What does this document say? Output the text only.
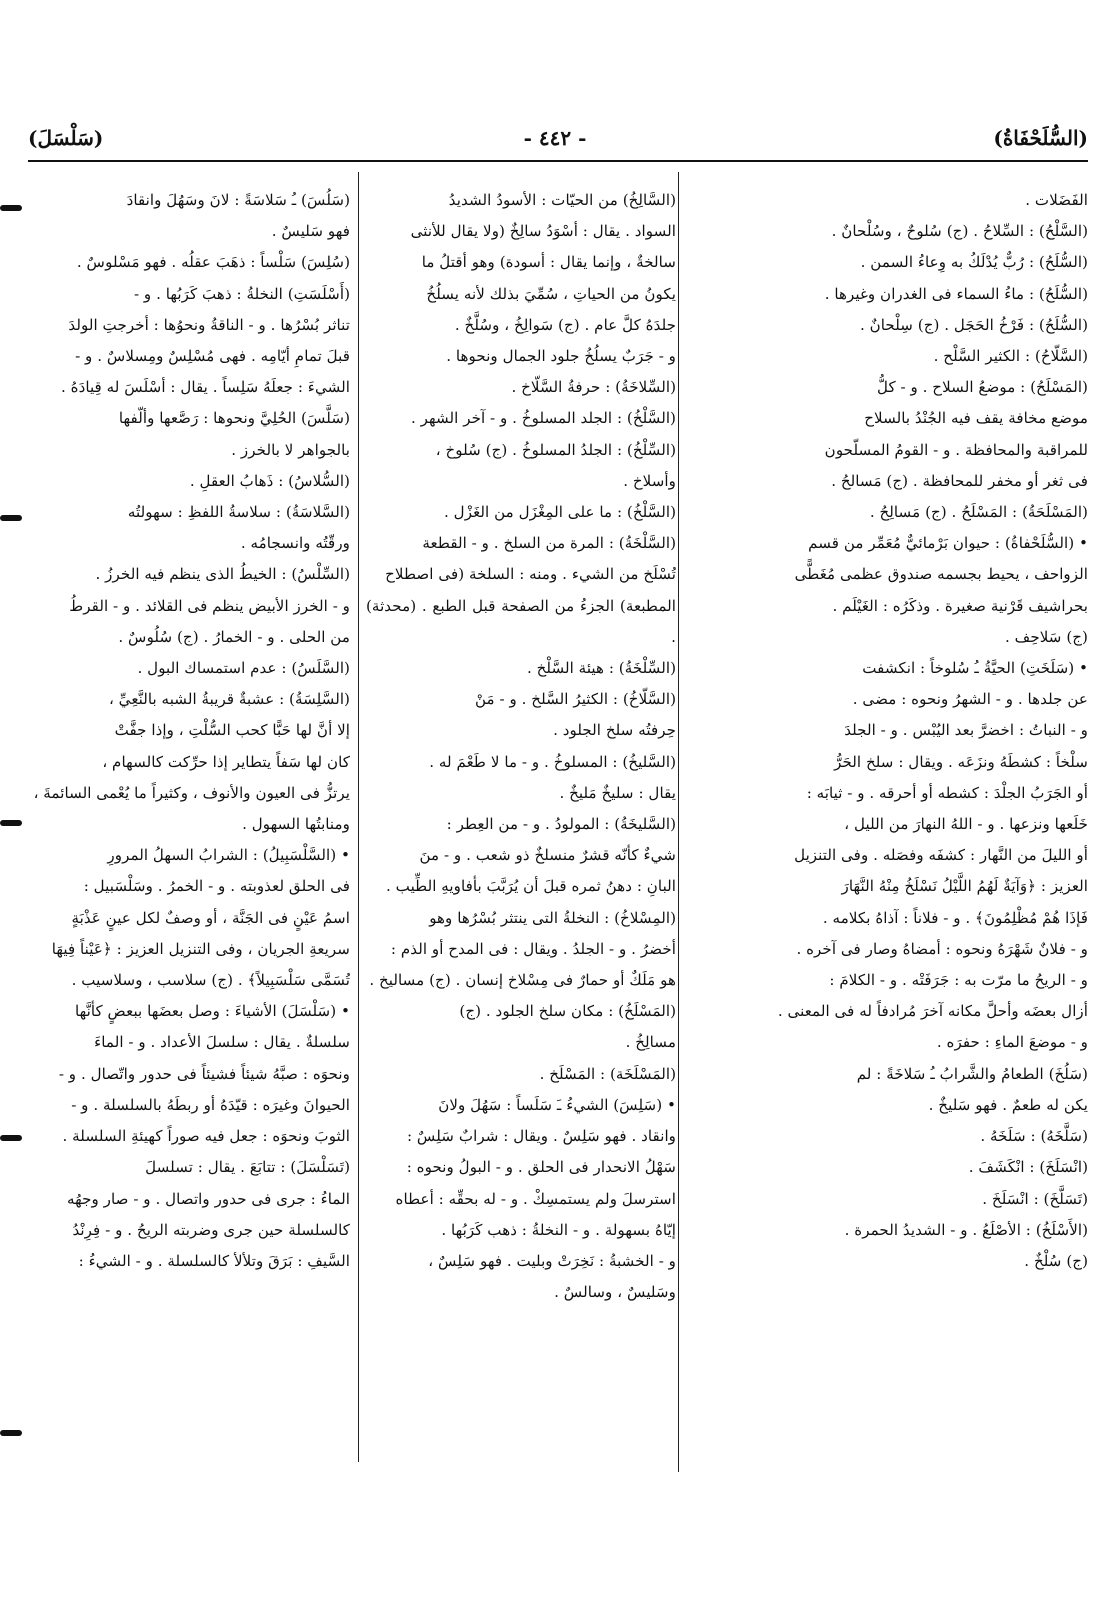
(السُّلَحْفَاةُ)
- ٤٤٢ -
(سَلْسَلَ)

الفَضَلات .

(السَّلْحُ) : السِّلاحُ . (ج) سُلوحٌ ، وسُلْحانٌ .

(السُّلَحُ) : رُبٌّ يُدْلَكُ به وِعاءُ السمن .

(السُّلَحُ) : ماءُ السماء فى الغدران وغيرها .

(السُّلَحُ) : فَرْخُ الحَجَل . (ج) سِلْحانٌ .

(السَّلّاحُ) : الكثير السَّلْح .

(المَسْلَحُ) : موضعُ السلاح . و - كلُّ

موضع مخافة يقف فيه الجُنْدُ بالسلاح

للمراقبة والمحافظة . و - القومُ المسلّحون

فى ثغر أو مخفر للمحافظة . (ج) مَسالحُ .

(المَسْلَحَةُ) : المَسْلَحُ . (ج) مَسالِحُ .

• (السُّلَحْفاةُ) : حيوان بَرْمائيٌّ مُعَمِّر من قسم

الزواحف ، يحيط بجسمه صندوق عظمى مُغَطًّى

بحراشيف قَرْنية صغيرة . وذكَرُه : الغَيْلَم .

(ج) سَلاحِف .

• (سَلَخَتِ) الحيَّةُ ـُ سُلوخاً : انكشفت

عن جلدها . و - الشهرُ ونحوه : مضى .

و - النباتُ : اخضرَّ بعد اليُبْس . و - الجلدَ

سلْخاً : كشطَهُ ونزَعَه . ويقال : سلخ الحَرُّ

أو الجَرَبُ الجلْدَ : كشطه أو أحرقه . و - ثيابَه :

خَلَعها ونزعها . و - اللهُ النهارَ من الليل ،

أو الليلَ من النَّهار : كشفَه وفصَله . وفى التنزيل

العزيز : ﴿وَآيَةٌ لَهُمُ اللَّيْلُ نَسْلَخُ مِنْهُ النَّهَارَ

فَإذَا هُمْ مُظْلِمُونَ﴾ . و - فلاناً : آذاهُ بكلامه .

و - فلانٌ شَهْرَهُ ونحوه : أمضاهُ وصار فى آخره .

و - الريحُ ما مرّت به : جَرَفَتْه . و - الكلامَ :

أزال بعضَه وأحلَّ مكانه آخرَ مُرادفاً له فى المعنى .

و - موضعَ الماءِ : حفرَه .

(سَلُخَ) الطعامُ والشَّرابُ ـُ سَلاخَةً : لم

يكن له طعمٌ . فهو سَليخٌ .

(سَلَّخَهُ) : سَلَخَهُ .

(انْسَلَخَ) : انْكَشَفَ .

(تَسَلَّخَ) : انْسَلَخَ .

(الأَسْلَخُ) : الأصْلَعُ . و - الشديدُ الحمرة .

(ج) سُلْخٌ .

(السَّالِخُ) من الحيّات : الأسودُ الشديدُ

السواد . يقال : أسْوَدُ سالِخٌ (ولا يقال للأنثى

سالخةٌ ، وإنما يقال : أسودة) وهو أقتلُ ما

يكونُ من الحياتِ ، سُمِّيَ بذلك لأنه يسلُخُ

جلدَهُ كلَّ عام . (ج) سَوالِخُ ، وسُلَّخٌ .

و - جَرَبٌ يسلُخُ جلود الجمال ونحوها .

(السِّلاخَةُ) : حرفةُ السَّلّاخ .

(السَّلْخُ) : الجلد المسلوخُ . و - آخر الشهر .

(السِّلْخُ) : الجلدُ المسلوخُ . (ج) سُلوخ ،

وأسلاخ .

(السَّلْخُ) : ما على المِغْزَل من الغَزْل .

(السَّلْخَةُ) : المرة من السلخ . و - القطعة

تُسْلَخ من الشيء . ومنه : السلخة (فى اصطلاح

المطبعة) الجزءُ من الصفحة قبل الطبع . (محدثة) .

(السِّلْخَةُ) : هيئة السَّلْخ .

(السَّلّاخُ) : الكثيرُ السَّلخ . و - مَنْ

حِرفتُه سلخ الجلود .

(السَّليخُ) : المسلوخُ . و - ما لا طَعْمَ له .

يقال : سليخٌ مَليخٌ .

(السَّليخَةُ) : المولودُ . و - من العِطر :

شيءٌ كأنّه قشرٌ منسلخٌ ذو شعب . و - منَ

البانِ : دهنُ ثمره قبلَ أن يُرَبَّبَ بأفاويهِ الطِّيب .

(المِسْلاخُ) : النخلةُ التى ينتثر بُسْرُها وهو

أخضرُ . و - الجلدُ . ويقال : فى المدح أو الذم :

هو مَلَكٌ أو حمارٌ فى مِسْلاخ إنسان . (ج) مساليخ .

(المَسْلَخُ) : مكان سلخ الجلود . (ج)

مسالِخُ .

(المَسْلَخَة) : المَسْلَخ .

• (سَلِسَ) الشيءُ ـَ سَلَساً : سَهُلَ ولانَ

وانقاد . فهو سَلِسٌ . ويقال : شرابٌ سَلِسٌ :

سَهْلُ الانحدار فى الحلق . و - البولُ ونحوه :

استرسلَ ولم يستمسِكْ . و - له بحقِّه : أعطاه

إيّاهُ بسهولة . و - النخلةُ : ذهب كَرَبُها .

و - الخشبةُ : نَخِرَتْ وبليت . فهو سَلِسٌ ،

وسَليسٌ ، وسالسٌ .

(سَلُسَ) ـُ سَلاسَةً : لانَ وسَهُلَ وانقادَ

فهو سَليسٌ .

(سُلِسَ) سَلْساً : ذهَبَ عقلُه . فهو مَسْلوسٌ .

(أَسْلَسَتِ) النخلةُ : ذهبَ كَرَبُها . و -

تناثر بُسْرُها . و - الناقةُ ونحوُها : أخرجتِ الولدَ

قبلَ تمامِ أيّامِه . فهى مُسْلِسٌ ومِسلاسٌ . و -

الشيءَ : جعلَهُ سَلِساً . يقال : أسْلَسَ له قِيادَهُ .

(سَلَّسَ) الحُلِيَّ ونحوها : رَصَّعها وألّفها

بالجواهر لا بالخرز .

(السُّلاسُ) : ذَهابُ العقلِ .

(السَّلاسَةُ) : سلاسةُ اللفظِ : سهولتُه

ورقّتُه وانسجامُه .

(السِّلْسُ) : الخيطُ الذى ينظم فيه الخرزُ .

و - الخرز الأبيض ينظم فى القلائد . و - القرطُ

من الحلى . و - الخمارُ . (ج) سُلُوسٌ .

(السَّلَسُ) : عدم استمساك البول .

(السَّلِسَةُ) : عشبةٌ قريبةُ الشبه بالنَّعِيِّ ،

إلا أنَّ لها حَبًّا كحب السُّلْتِ ، وإذا جفَّتْ

كان لها سَفاً يتطاير إذا حرِّكت كالسهام ،

يرتزُّ فى العيون والأنوف ، وكثيراً ما يُعْمى السائمةَ ،

ومنابتُها السهول .

• (السَّلْسَبِيلُ) : الشرابُ السهلُ المرورِ

فى الحلق لعذوبته . و - الخمرُ . وسَلْسَبيل :

اسمُ عَيْنٍ فى الجَنَّة ، أو وصفٌ لكل عينٍ عَذْبَةٍ

سريعةِ الجريان ، وفى التنزيل العزيز : ﴿عَيْناً فِيهَا

تُسَمَّى سَلْسَبِيلاً﴾ . (ج) سلاسب ، وسلاسيب .

• (سَلْسَلَ) الأشياءَ : وصل بعضَها ببعضٍ كأنَّها

سلسلةٌ . يقال : سلسلَ الأعداد . و - الماءَ

ونحوَه : صبَّهُ شيئاً فشيئاً فى حدور واتّصال . و -

الحيوانَ وغيرَه : قيّدَهُ أو ربطَهُ بالسلسلة . و -

الثوبَ ونحوَه : جعل فيه صوراً كهيئةِ السلسلة .

(تَسَلْسَلَ) : تتابَعَ . يقال : تسلسلَ

الماءُ : جرى فى حدور واتصال . و - صار وجهُه

كالسلسلة حين جرى وضربته الريحُ . و - فِرِنْدُ

السَّيفِ : بَرَقَ وتلألأ كالسلسلة . و - الشيءُ :
